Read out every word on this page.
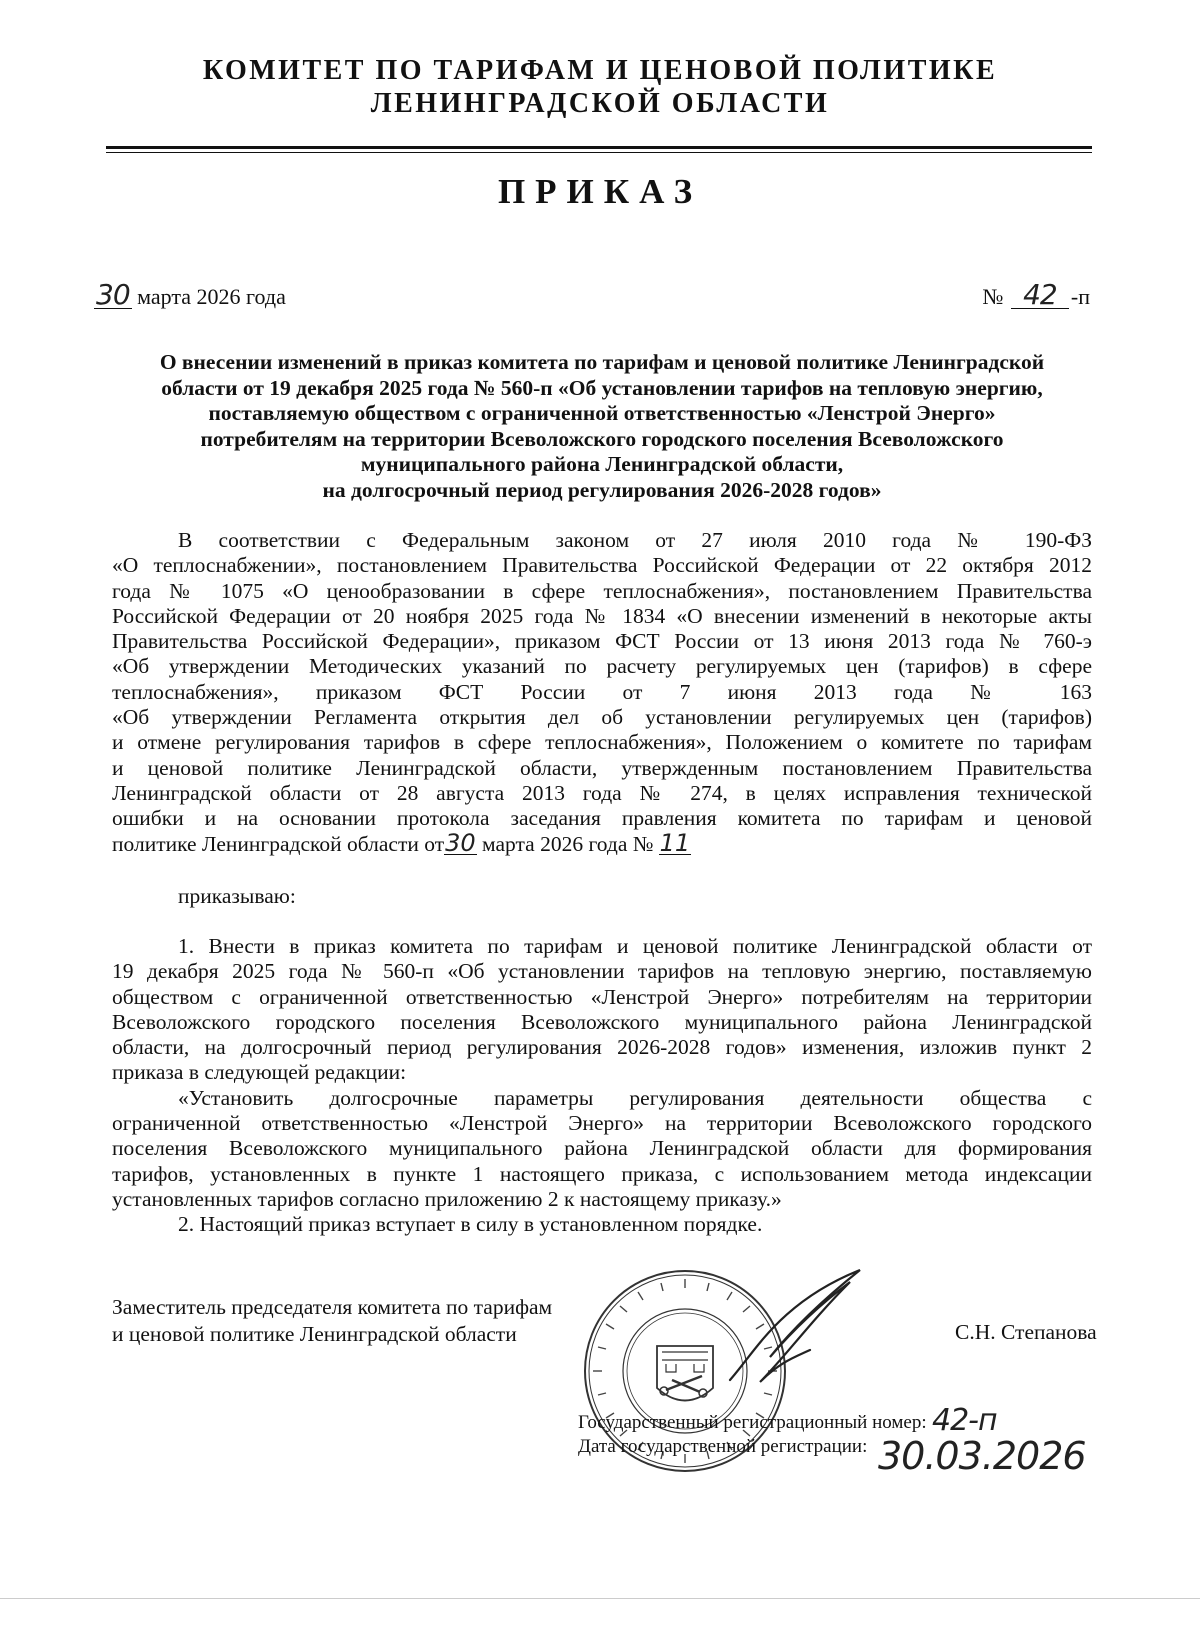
КОМИТЕТ ПО ТАРИФАМ И ЦЕНОВОЙ ПОЛИТИКЕ
ЛЕНИНГРАДСКОЙ ОБЛАСТИ
ПРИКАЗ
30 марта 2026 года	№ 42 -п
О внесении изменений в приказ комитета по тарифам и ценовой политике Ленинградской
области от 19 декабря 2025 года № 560-п «Об установлении тарифов на тепловую энергию,
поставляемую обществом с ограниченной ответственностью «Ленстрой Энерго»
потребителям на территории Всеволожского городского поселения Всеволожского
муниципального района Ленинградской области,
на долгосрочный период регулирования 2026-2028 годов»
В соответствии с Федеральным законом от 27 июля 2010 года № 190-ФЗ
«О теплоснабжении», постановлением Правительства Российской Федерации от 22 октября 2012
года № 1075 «О ценообразовании в сфере теплоснабжения», постановлением Правительства
Российской Федерации от 20 ноября 2025 года № 1834 «О внесении изменений в некоторые акты
Правительства Российской Федерации», приказом ФСТ России от 13 июня 2013 года № 760-э
«Об утверждении Методических указаний по расчету регулируемых цен (тарифов) в сфере
теплоснабжения», приказом ФСТ России от 7 июня 2013 года № 163
«Об утверждении Регламента открытия дел об установлении регулируемых цен (тарифов)
и отмене регулирования тарифов в сфере теплоснабжения», Положением о комитете по тарифам
и ценовой политике Ленинградской области, утвержденным постановлением Правительства
Ленинградской области от 28 августа 2013 года № 274, в целях исправления технической
ошибки и на основании протокола заседания правления комитета по тарифам и ценовой
политике Ленинградской области от30 марта 2026 года № 11
приказываю:
1. Внести в приказ комитета по тарифам и ценовой политике Ленинградской области от
19 декабря 2025 года № 560-п «Об установлении тарифов на тепловую энергию, поставляемую
обществом с ограниченной ответственностью «Ленстрой Энерго» потребителям на территории
Всеволожского городского поселения Всеволожского муниципального района Ленинградской
области, на долгосрочный период регулирования 2026-2028 годов» изменения, изложив пункт 2
приказа в следующей редакции:
«Установить долгосрочные параметры регулирования деятельности общества с
ограниченной ответственностью «Ленстрой Энерго» на территории Всеволожского городского
поселения Всеволожского муниципального района Ленинградской области для формирования
тарифов, установленных в пункте 1 настоящего приказа, с использованием метода индексации
установленных тарифов согласно приложению 2 к настоящему приказу.»
2. Настоящий приказ вступает в силу в установленном порядке.
Заместитель председателя комитета по тарифам
и ценовой политике Ленинградской области	С.Н. Степанова
Государственный регистрационный номер:
Дата государственной регистрации:
42-п
30.03.2026
